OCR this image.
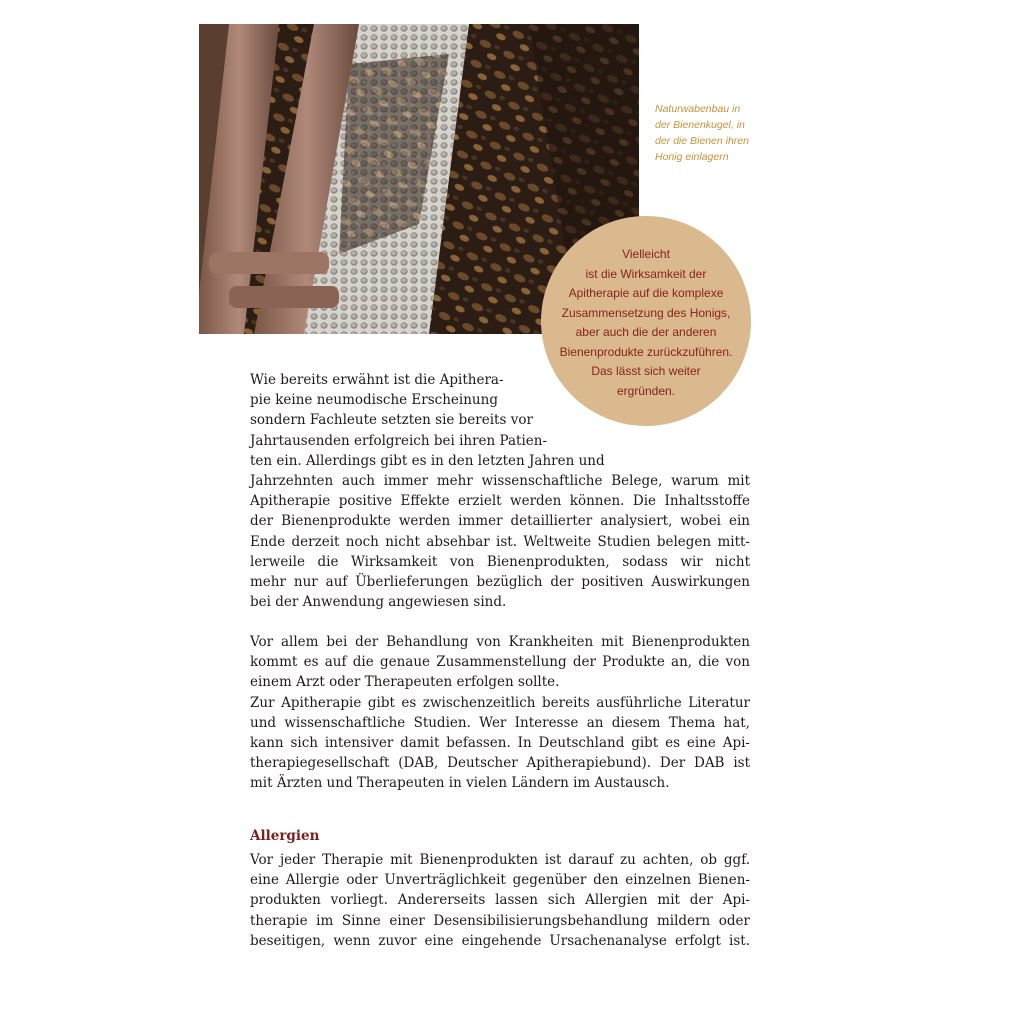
Naturwabenbau in
der Bienenkugel, in
der die Bienen ihren
Honig einlagern
Vielleicht
ist die Wirksamkeit der
Apitherapie auf die komplexe
Zusammensetzung des Honigs,
aber auch die der anderen
Bienenprodukte zurückzuführen.
Das lässt sich weiter
ergründen.
Wie bereits erwähnt ist die Apithera-
pie keine neumodische Erscheinung
sondern Fachleute setzten sie bereits vor
Jahrtausenden erfolgreich bei ihren Patien-
ten ein. Allerdings gibt es in den letzten Jahren und
Jahrzehnten auch immer mehr wissenschaftliche Belege, warum mit
Apitherapie positive Effekte erzielt werden können. Die Inhaltsstoffe
der Bienenprodukte werden immer detaillierter analysiert, wobei ein
Ende derzeit noch nicht absehbar ist. Weltweite Studien belegen mitt-
lerweile die Wirksamkeit von Bienenprodukten, sodass wir nicht
mehr nur auf Überlieferungen bezüglich der positiven Auswirkungen
bei der Anwendung angewiesen sind.
Vor allem bei der Behandlung von Krankheiten mit Bienenprodukten
kommt es auf die genaue Zusammenstellung der Produkte an, die von
einem Arzt oder Therapeuten erfolgen sollte.
Zur Apitherapie gibt es zwischenzeitlich bereits ausführliche Literatur
und wissenschaftliche Studien. Wer Interesse an diesem Thema hat,
kann sich intensiver damit befassen. In Deutschland gibt es eine Api-
therapiegesellschaft (DAB, Deutscher Apitherapiebund). Der DAB ist
mit Ärzten und Therapeuten in vielen Ländern im Austausch.
Allergien
Vor jeder Therapie mit Bienenprodukten ist darauf zu achten, ob ggf.
eine Allergie oder Unverträglichkeit gegenüber den einzelnen Bienen-
produkten vorliegt. Andererseits lassen sich Allergien mit der Api-
therapie im Sinne einer Desensibilisierungsbehandlung mildern oder
beseitigen, wenn zuvor eine eingehende Ursachenanalyse erfolgt ist.
